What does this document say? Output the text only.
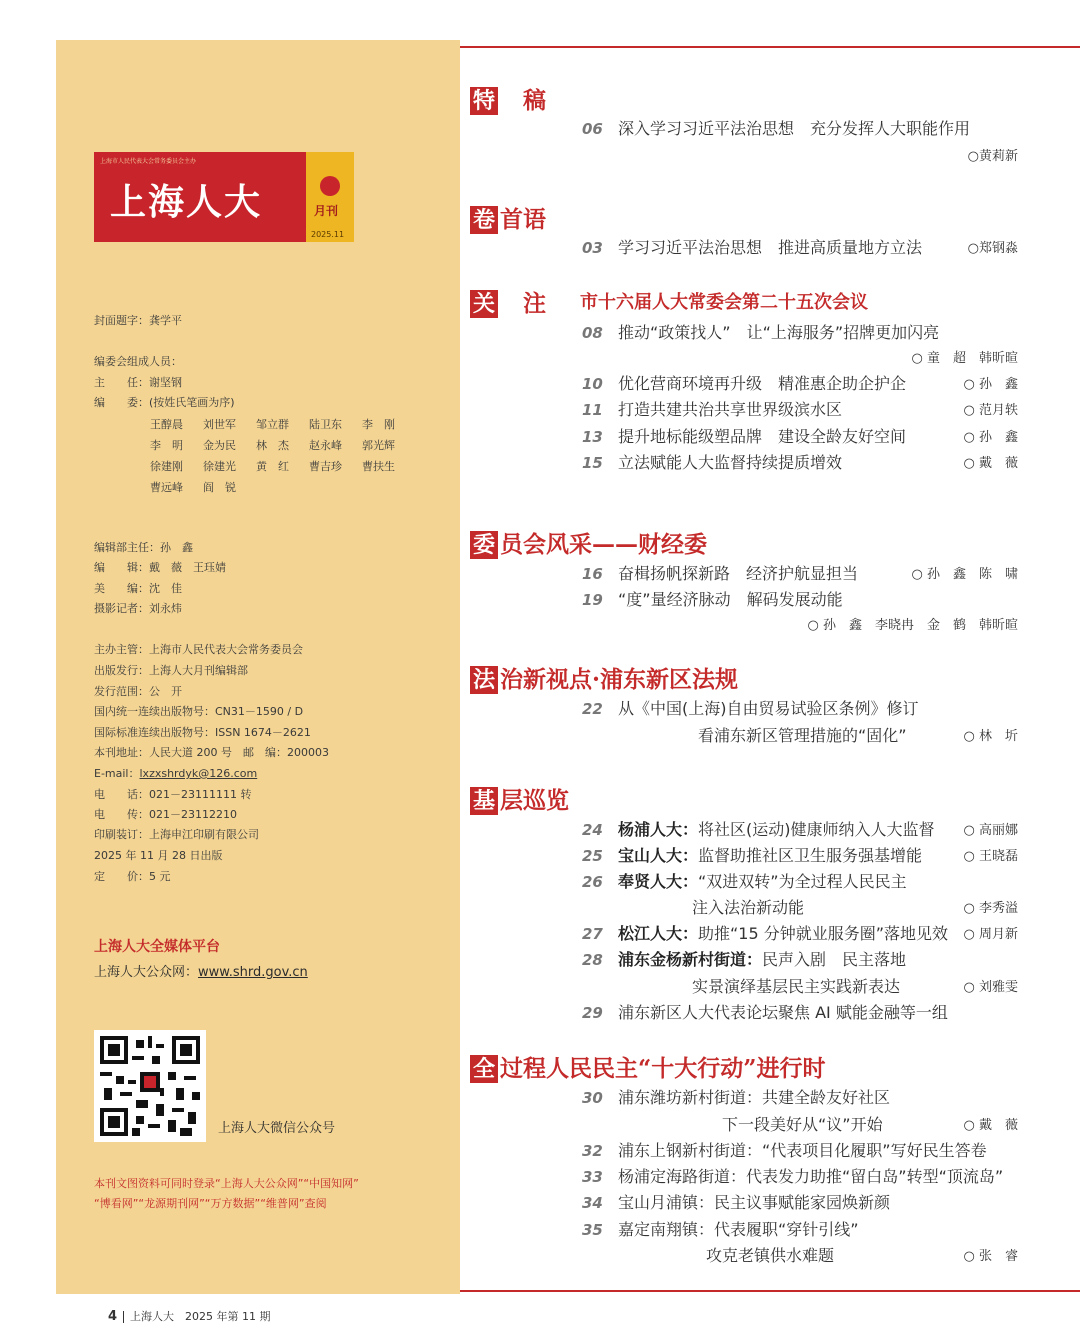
上海市人民代表大会常务委员会主办
上海人大	月刊
2025.11
封面题字：龚学平
编委会组成人员：
主　　任：谢坚钢
编　　委：(按姓氏笔画为序)
王醇晨	刘世军	邹立群	陆卫东	李　刚
李　明	金为民	林　杰	赵永峰	郭光辉
徐建刚	徐建光	黄　红	曹吉珍	曹扶生
曹远峰	阎　锐
编辑部主任：孙　鑫
编　　辑：戴　薇　王珏婧
美　　编：沈　佳
摄影记者：刘永炜
主办主管：上海市人民代表大会常务委员会
出版发行：上海人大月刊编辑部
发行范围：公　开
国内统一连续出版物号：CN31－1590 / D
国际标准连续出版物号：ISSN 1674－2621
本刊地址：人民大道 200 号　邮　编：200003
E-mail：lxzxshrdyk@126.com
电　　话：021－23111111 转
电　　传：021－23112210
印刷装订：上海申江印刷有限公司
2025 年 11 月 28 日出版
定　　价：5 元
上海人大全媒体平台
上海人大公众网：www.shrd.gov.cn
上海人大微信公众号
本刊文图资料可同时登录“上海人大公众网”“中国知网”
“博看网”“龙源期刊网”“万方数据”“维普网”查阅
特　稿
卷 首语
关　注 市十六届人大常委会第二十五次会议
委 员会风采——财经委
法 治新视点·浦东新区法规
基 层巡览
全 过程人民民主“十大行动”进行时
06 深入学习习近平法治思想　充分发挥人大职能作用
○黄莉新
03 学习习近平法治思想　推进高质量地方立法	○郑钢淼
08 推动“政策找人”　让“上海服务”招牌更加闪亮
○ 童　超　韩昕暄
10 优化营商环境再升级　精准惠企助企护企	○ 孙　鑫
11 打造共建共治共享世界级滨水区	○ 范月轶
13 提升地标能级塑品牌　建设全龄友好空间	○ 孙　鑫
15 立法赋能人大监督持续提质增效	○ 戴　薇
16 奋楫扬帆探新路　经济护航显担当	○ 孙　鑫　陈　啸
19 “度”量经济脉动　解码发展动能
○ 孙　鑫　李晓冉　金　鹤　韩昕暄
22 从《中国(上海)自由贸易试验区条例》修订
看浦东新区管理措施的“固化”	○ 林　圻
24 杨浦人大：将社区(运动)健康师纳入人大监督 ○ 高丽娜
25 宝山人大：监督助推社区卫生服务强基增能	○ 王晓磊
26 奉贤人大：“双进双转”为全过程人民民主
注入法治新动能	○ 李秀溢
27 松江人大：助推“15 分钟就业服务圈”落地见效 ○ 周月新
28 浦东金杨新村街道：民声入剧　民主落地
实景演绎基层民主实践新表达	○ 刘雅雯
29 浦东新区人大代表论坛聚焦 AI 赋能金融等一组
30 浦东潍坊新村街道：共建全龄友好社区
下一段美好从“议”开始	○ 戴　薇
32 浦东上钢新村街道：“代表项目化履职”写好民生答卷
33 杨浦定海路街道：代表发力助推“留白岛”转型“顶流岛”
34 宝山月浦镇：民主议事赋能家园焕新颜
35 嘉定南翔镇：代表履职“穿针引线”
攻克老镇供水难题	○ 张　睿
4 上海人大　2025 年第 11 期
